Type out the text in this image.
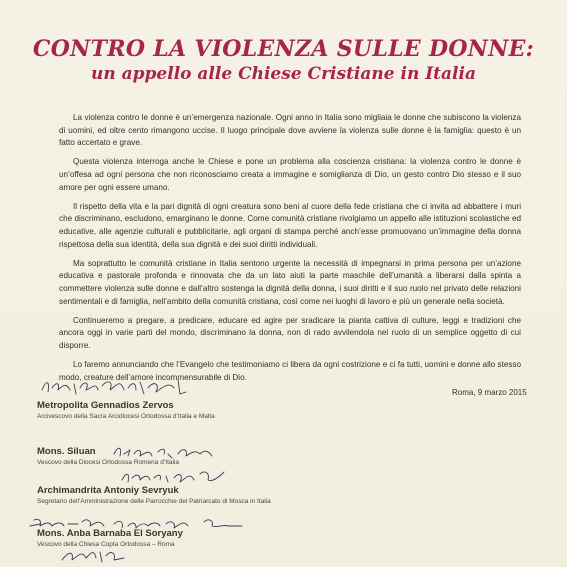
CONTRO LA VIOLENZA SULLE DONNE:
un appello alle Chiese Cristiane in Italia

La violenza contro le donne è un’emergenza nazionale. Ogni anno in Italia sono migliaia le donne che subiscono la violenza di uomini, ed oltre cento rimangono uccise. Il luogo principale dove avviene la violenza sulle donne è la famiglia: questo è un fatto accertato e grave.

Questa violenza interroga anche le Chiese e pone un problema alla coscienza cristiana: la violenza contro le donne è un’offesa ad ogni persona che non riconosciamo creata a immagine e somiglianza di Dio, un gesto contro Dio stesso e il suo amore per ogni essere umano.

Il rispetto della vita e la pari dignità di ogni creatura sono beni al cuore della fede cristiana che ci invita ad abbattere i muri che discriminano, escludono, emarginano le donne. Come comunità cristiane rivolgiamo un appello alle istituzioni scolastiche ed educative, alle agenzie culturali e pubblicitarie, agli organi di stampa perché anch’esse promuovano un’immagine della donna rispettosa della sua identità, della sua dignità e dei suoi diritti individuali.

Ma soprattutto le comunità cristiane in Italia sentono urgente la necessità di impegnarsi in prima persona per un’azione educativa e pastorale profonda e rinnovata che da un lato aiuti la parte maschile dell’umanità a liberarsi dalla spinta a commettere violenza sulle donne e dall’altro sostenga la dignità della donna, i suoi diritti e il suo ruolo nel privato delle relazioni sentimentali e di famiglia, nell’ambito della comunità cristiana, così come nei luoghi di lavoro e più un generale nella società.

Continueremo a pregare, a predicare, educare ed agire per sradicare la pianta cattiva di culture, leggi e tradizioni che ancora oggi in varie parti del mondo, discriminano la donna, non di rado avvilendola nel ruolo di un semplice oggetto di cui disporre.

Lo faremo annunciando che l’Evangelo che testimoniamo ci libera da ogni costrizione e ci fa tutti, uomini e donne allo stesso modo, creature dell’amore incommensurabile di Dio.

Roma, 9 marzo 2015
Metropolita Gennadios Zervos
Arcivescovo della Sacra Arcidiocesi Ortodossa d’Italia e Malta
Mons. Siluan
Vescovo della Diocesi Ortodossa Romena d’Italia
Archimandrita Antoniy Sevryuk
Segretario dell’Amministrazione delle Parrocchie del Patriarcato di Mosca in Italia
Mons. Anba Barnaba El Soryany
Vescovo della Chiesa Copta Ortodossa – Roma
